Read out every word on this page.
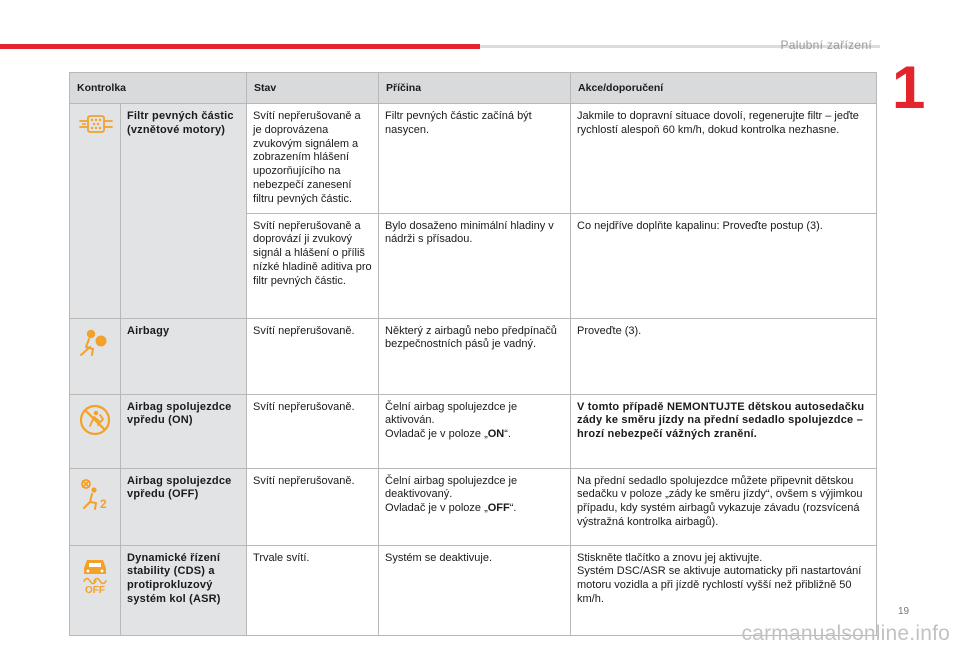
Palubní zařízení
1
Kontrolka		Stav	Příčina	Akce/doporučení

	Filtr pevných částic (vznětové motory)	Svítí nepřerušovaně a je doprovázena zvukovým signálem a zobrazením hlášení upozorňujícího na nebezpečí zanesení filtru pevných částic.	Filtr pevných částic začíná být nasycen.	Jakmile to dopravní situace dovolí, regenerujte filtr – jeďte rychlostí alespoň 60 km/h, dokud kontrolka nezhasne.
		Svítí nepřerušovaně a doprovází ji zvukový signál a hlášení o příliš nízké hladině aditiva pro filtr pevných částic.	Bylo dosaženo minimální hladiny v nádrži s přísadou.	Co nejdříve doplňte kapalinu: Proveďte postup (3).

	Airbagy	Svítí nepřerušovaně.	Některý z airbagů nebo předpínačů bezpečnostních pásů je vadný.	Proveďte (3).

	Airbag spolujezdce vpředu (ON)	Svítí nepřerušovaně.	Čelní airbag spolujezdce je aktivován.
Ovladač je v poloze „ON“.	V tomto případě NEMONTUJTE dětskou autosedačku zády ke směru jízdy na přední sedadlo spolujezdce – hrozí nebezpečí vážných zranění.

2	Airbag spolujezdce vpředu (OFF)	Svítí nepřerušovaně.	Čelní airbag spolujezdce je deaktivovaný.
Ovladač je v poloze „OFF“.	Na přední sedadlo spolujezdce můžete připevnit dětskou sedačku v poloze „zády ke směru jízdy“, ovšem s výjimkou případu, kdy systém airbagů vykazuje závadu (rozsvícená výstražná kontrolka airbagů).

OFF	Dynamické řízení stability (CDS) a protiprokluzový systém kol (ASR)	Trvale svítí.	Systém se deaktivuje.	Stiskněte tlačítko a znovu jej aktivujte.
Systém DSC/ASR se aktivuje automaticky při nastartování motoru vozidla a při jízdě rychlostí vyšší než přibližně 50 km/h.
19
carmanualsonline.info
